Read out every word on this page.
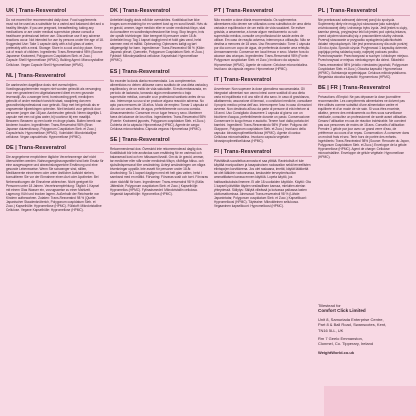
UK | Trans-Resveratrol
Do not exceed the recommended daily dose. Food supplements must not be used as a substitute for a varied and balanced diet and a healthy lifestyle. If you are pregnant, breastfeeding, taking any medications or are under medical supervision please consult a healthcare professional before use. Discontinue use if any adverse reactions occur. Not intended for use by persons under the age of 18. Suggested Use: Take 1 capsule daily with a full glass of water, preferably with a meal. Storage: Store in a cool and dry place. Keep out of reach of children. Ingredients: Trans-Resveratrol 98% (Source: Japanese Knotweed, Polygonum Cuspidatum Sieb. et Zucc.) Capsule Shell Hypromellose (HPMC). Bulking Agent: Microcrystalline Cellulose. Vegan Capsule Shell Hypromellose (HPMC).
NL | Trans-Resveratrol
De aanbevolen dagelijkse dosis niet overschrijden. Voedingssupplementen mogen niet worden gebruikt als vervanging voor een gevarieerd en uitgebalanceerd dieet en een gezonde levensstijl. Als u zwanger bent, borstvoeding geeft, medicijnen gebruikt of onder medisch toezicht staat, raadpleeg dan een gezondheidsprofessional voor gebruik. Stop met het gebruik als er ongewenste bijwerkingen optreden. Niet bedoeld voor gebruik door personen jonger dan 18 jaar. Aanbevolen gebruik: Neem dagelijks 1 capsule met een vol glas water, bij voorkeur bij een maaltijd. Bewaren: Bewaren op een koele en droge plaats. Buiten bereik van kinderen houden. Ingrediënten: Trans-Resveratrol 98% (Bron: Japanse duizendknoop, Polygonum Cuspidatum Sieb. et Zucc.) Capsulehuls: Hypromellose (HPMC). Vulmiddel: Microkristallijne cellulose. Vegan capsulehuls: Hypromellose (HPMC).
DE | Trans-Resveratrol
Die angegebene empfohlene tägliche Verzehrsmenge darf nicht überschritten werden. Nahrungsergänzungsmittel sind kein Ersatz für eine ausgewogene und abwechslungsreiche Ernährung und eine gesunde Lebensweise. Wenn Sie schwanger sind, stillen, Medikamente einnehmen oder unter ärztlicher Aufsicht stehen, konsultieren Sie vor der Einnahme einen Arzt oder Apotheker. Bei Nebenwirkungen die Einnahme abbrechen. Nicht geeignet für Personen unter 18 Jahren. Verzehrsempfehlung: Täglich 1 Kapsel mit einem Glas Wasser ein, vorzugsweise zu einer Mahlzeit. Lagerung: Kühl und trocken lagern. Außerhalb der Reichweite von Kindern aufbewahren. Zutaten: Trans-Resveratrol 98 % (Quelle: Japanischer Staudenknöterich, Polygonum cuspidatum Sieb. et Zucc.) Kapselhülle: Hypromellose (HPMC). Füllstoff: Mikrokristalline Cellulose. Vegane Kapselhülle: Hypromellose (HPMC).
DK | Trans-Resveratrol
Anbefalet daglig dosis må ikke overskrides. Kosttilskud bør ikke bruges som erstatning for en varieret kost og en sund livsstil. Hvis du er gravid, ammer, tager medicin eller er under medicinsk tilsyn, skal du konsultere en sundhedsprofessionel før brug. Stop brugen, hvis der opstår bivirkninger. Ikke beregnet til personer under 18 år. Anbefalet brug: Tag 1 kapsel dagligt med et fuldt glas vand, helst sammen med et måltid. Opbevaring: Opbevares køligt og tørt utilgængeligt for børn. Ingredienser: Trans-Resveratrol 98 % (Kilde: Japansk pileurt, Quercetin, Polygonum Cuspidatum Sieb. et Zucc.) Fyldstof: Mikrokrystallinsk cellulose. Kapselskal: Hypromellose (HPMC).
ES | Trans-Resveratrol
No exceder la dosis diaria recomendada. Los complementos alimenticios no deben utilizarse como sustituto de una dieta variada y equilibrada y de un estilo de vida saludable. Si está embarazada, en período de lactancia, tomando algún medicamento o bajo supervisión médica, consulte a un profesional sanitario antes de su uso. Interrumpa su uso si se produce alguna reacción adversa. No apto para menores de 18 años. Modo de empleo: Tomar 1 cápsula al día con un vaso lleno de agua, preferiblemente con una comida. Almacenamiento: Conservar en un lugar fresco y seco. Mantener fuera del alcance de los niños. Ingredientes: Trans-Resveratrol 98% (Fuente: Knotweed japonés, Polygonum cuspidatum Sieb. et Zucc.) Cubierta de la cápsula: Hipromelosa (HPMC). Agente de carga: Celulosa microcristalina. Cápsula vegana: Hipromelosa (HPMC).
SE | Trans-Resveratrol
Rekommenderad dos: Överskrid inte rekommenderad daglig dos. Kosttillskott bör inte användas som ersättning för en varierad och balanserad kost och en hälsosam livsstil. Om du är gravid, ammar, tar mediciner eller står under medicinsk tillsyn, rådfråga hälso- och sjukvårdspersonal före användning. Avbryt användningen om några biverkningar uppstår. Inte avsett för personer under 18 år. Användning: Ta 1 kapsel dagligen med ett helt glas vatten, helst i samband med en måltid. Förvaring: Förvaras svalt och torrt. Förvaras utom räckhåll för barn. Ingredienser: Trans-resveratrol 98 % (Källa: Jätteslide, Polygonum cuspidatum Sieb. et Zucc.) Kapselhölje: Hypromellos (HPMC). Fyllnadsmedel: Mikrokristallin cellulosa. Veganskt kapselhölje: Hypromellos (HPMC).
PT | Trans-Resveratrol
Não exceder a dose diária recomendada. Os suplementos alimentares não devem ser utilizados como substitutos de uma dieta variada e equilibrada e de um estilo de vida saudável. Se estiver grávida, a amamentar, a tomar algum medicamento ou sob supervisão médica, consulte um profissional de saúde antes de utilizar. Em caso de reação adversa, interrompa a utilização. Não se destina a menores de 18 anos. Uso Recomendado: Tome 1 cápsula por dia com um copo de água, de preferência durante uma refeição. Armazenamento: Conservar em local fresco e seco. Manter fora do alcance das crianças. Ingredientes: Trans-Resveratrol 98% (Fonte: Polygonum cuspidatum Sieb. et Zucc.) Invólucro da cápsula: Hipromelose (HPMC). Agente de volume: Celulose microcristalina. Invólucro da cápsula vegano: Hipromelose (HPMC).
IT | Trans-Resveratrol
Avvertenze: Non superare la dose giornaliera raccomandata. Gli integratori alimentari non vanno intesi come sostituti di una dieta varia ed equilibrata e di uno stile di vita sano. In caso di gravidanza, allattamento, assunzione di farmaci, o condizioni mediche, consultare il proprio medico prima dell'uso. Interrompere l'uso in caso di reazioni avverse. Non destinato all'uso da parte di persone di età inferiore ai 18 anni. Uso Consigliato: Assumere 1 capsula al giorno con un bicchiere d'acqua, preferibilmente durante un pasto. Conservazione: Conservare in luogo fresco e asciutto. Tenere fuori dalla portata dei bambini. Ingredienti: Trans-Resveratrolo 98% (Fonte: Poligono del Giappone, Polygonum cuspidatum Sieb. et Zucc.) Involucro della capsula: Idrossipropilmetilcellulosa (HPMC). Agente di carica: Cellulosa microcristallina. Involucro capsula vegetale: Idrossipropilmetilcellulosa (HPMC).
FI | Trans-Resveratrol
Päivittäistä suositeltua annosta ei saa ylittää. Ravintolisiä ei tule käyttää monipuolisen ja tasapainoisen ruokavalion sekä terveellisten elintapojen korvikkeena. Jos olet raskaana, imetät, käytät lääkkeitä tai olet lääkärin valvonnassa, keskustele terveydenhuollon ammattilaisen kanssa ennen käyttöä. Lopeta käyttö, jos haittavaikutuksia ilmenee. Ei alle 18-vuotiaiden käyttöön. Käyttö: Ota 1 kapseli päivittäin täyden vesilasillisen kanssa, mieluiten aterian yhteydessä. Säilytys: Säilytä viileässä ja kuivassa paikassa lasten ulottumattomissa. Ainesosat: Trans-resveratroli 98 % (Lähde: Japanintatar, Polygonum cuspidatum Sieb. et Zucc.) Kapselikuori: Hypromelloosi (HPMC). Täyteaine: Mikrokiteinen selluloosa. Vegaaninen kapselikuori: Hypromelloosi (HPMC).
PL | Trans-Resveratrol
Nie przekraczać zalecanej dziennej porcji do spożycia. Suplementy diety nie mogą być stosowane jako substytut zróżnicowanej diety i zdrowego trybu życia. Jeśli jesteś w ciąży, karmisz piersią, przyjmujesz leki lub jesteś pod opieką lekarza, przed użyciem skonsultuj się z pracownikiem służby zdrowia. Przerwij stosowanie w przypadku wystąpienia jakichkolwiek działań niepożądanych. Nie jest przeznaczony dla osób poniżej 18 roku życia. Sposób użycia: Przyjmować 1 kapsułkę dziennie, popijając pełną szklanką wody, najlepiej podczas posiłku. Przechowywanie: Przechowywać w suchym i chłodnym miejscu. Przechowywać w miejscu niedostępnym dla dzieci. Składniki: Trans-resweratrol 98% (źródło: rdestowiec japoński, Polygonum Cuspidatum Sieb. et Zucc.) Otoczka kapsułki: Hypromeloza (HPMC). Substancja wypełniająca: Celuloza mikrokrystaliczna. Wegańska otoczka kapsułki: Hypromeloza (HPMC).
BE | FR | Trans-Resveratrol
Précautions d'Emploi: Ne pas dépasser la dose journalière recommandée. Les compléments alimentaires ne doivent pas être utilisés comme substitut d'une alimentation variée et équilibrée et d'un mode de vie sain. Si vous êtes enceinte, allaitez, prenez des médicaments ou êtes sous surveillance médicale, consultez un professionnel de santé avant utilisation. Cessez l'utilisation en cas de réaction indésirable. Ne convient pas aux personnes de moins de 18 ans. Conseils d'utilisation: Prendre 1 gélule par jour avec un grand verre d'eau, de préférence au cours d'un repas. Conservation: À conserver dans un endroit frais et sec. Tenir hors de portée des enfants. Ingrédients: Trans-Resvératrol 98% (Source: Renouée du Japon, Polygonum Cuspidatum Sieb. et Zucc.) Enveloppe de la gélule: Hypromellose (HPMC). Agent de charge: Cellulose microcristalline. Enveloppe de gélule végétale: Hypromellose (HPMC).
Tillestead for
Comfort Click Limited
Unit 8, Samuriada Enterprise Centre,
Part 8 & Ball Road, Swanscotes, Kent,
TN16 5LL, UK
Rm 7 Geelo Emmanston,
Clonmel, Co. Tipperary, Ireland
WeightWorld.co.uk
